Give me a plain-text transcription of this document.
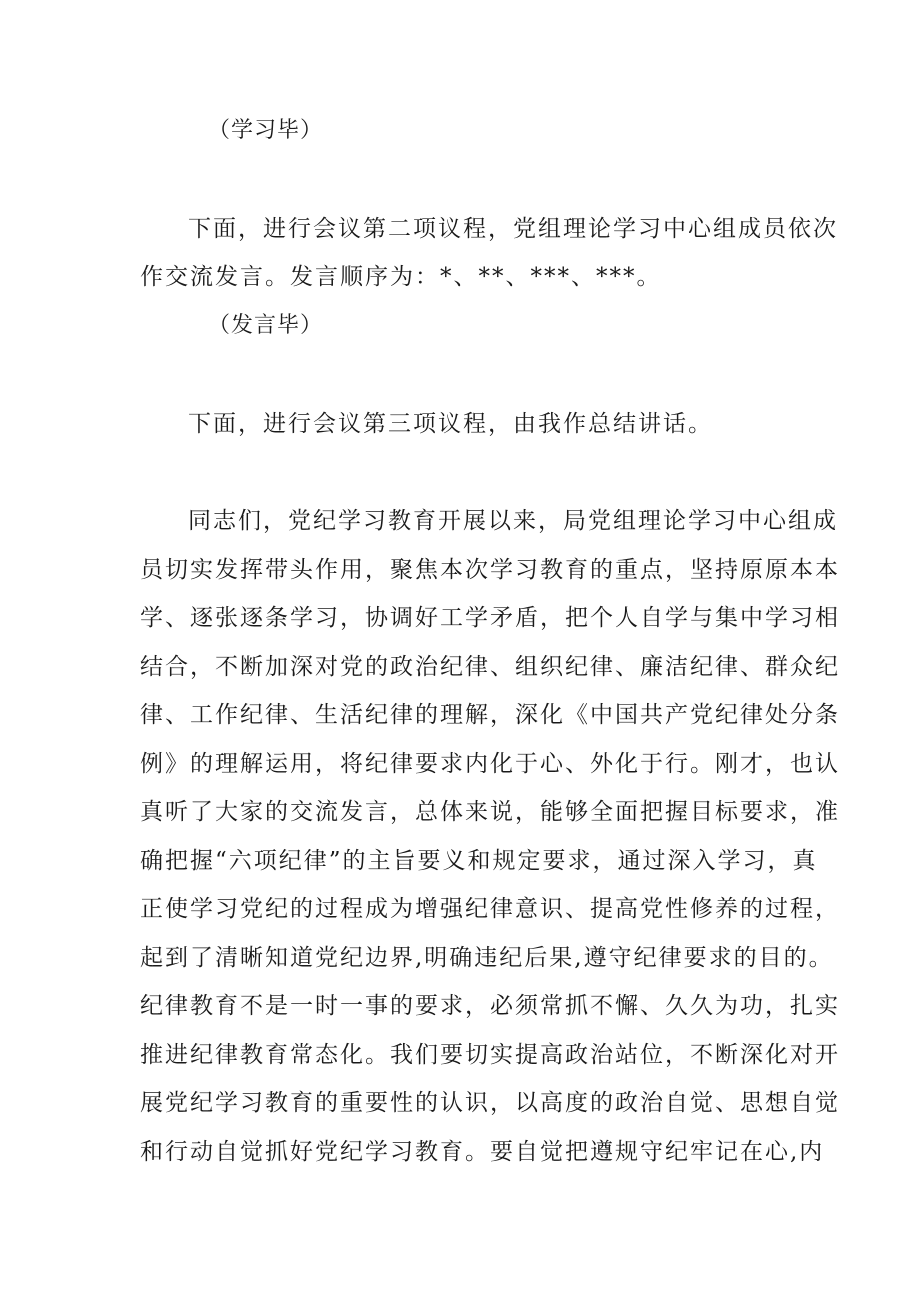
（学习毕）
下面，进行会议第二项议程，党组理论学习中心组成员依次
作交流发言。发言顺序为：*、**、***、***。
（发言毕）
下面，进行会议第三项议程，由我作总结讲话。
同志们，党纪学习教育开展以来，局党组理论学习中心组成
员切实发挥带头作用，聚焦本次学习教育的重点，坚持原原本本
学、逐张逐条学习，协调好工学矛盾，把个人自学与集中学习相
结合，不断加深对党的政治纪律、组织纪律、廉洁纪律、群众纪
律、工作纪律、生活纪律的理解，深化《中国共产党纪律处分条
例》的理解运用，将纪律要求内化于心、外化于行。刚才，也认
真听了大家的交流发言，总体来说，能够全面把握目标要求，准
确把握“六项纪律”的主旨要义和规定要求，通过深入学习，真
正使学习党纪的过程成为增强纪律意识、提高党性修养的过程，
起到了清晰知道党纪边界,明确违纪后果,遵守纪律要求的目的。
纪律教育不是一时一事的要求，必须常抓不懈、久久为功，扎实
推进纪律教育常态化。我们要切实提高政治站位，不断深化对开
展党纪学习教育的重要性的认识，以高度的政治自觉、思想自觉
和行动自觉抓好党纪学习教育。要自觉把遵规守纪牢记在心,内
